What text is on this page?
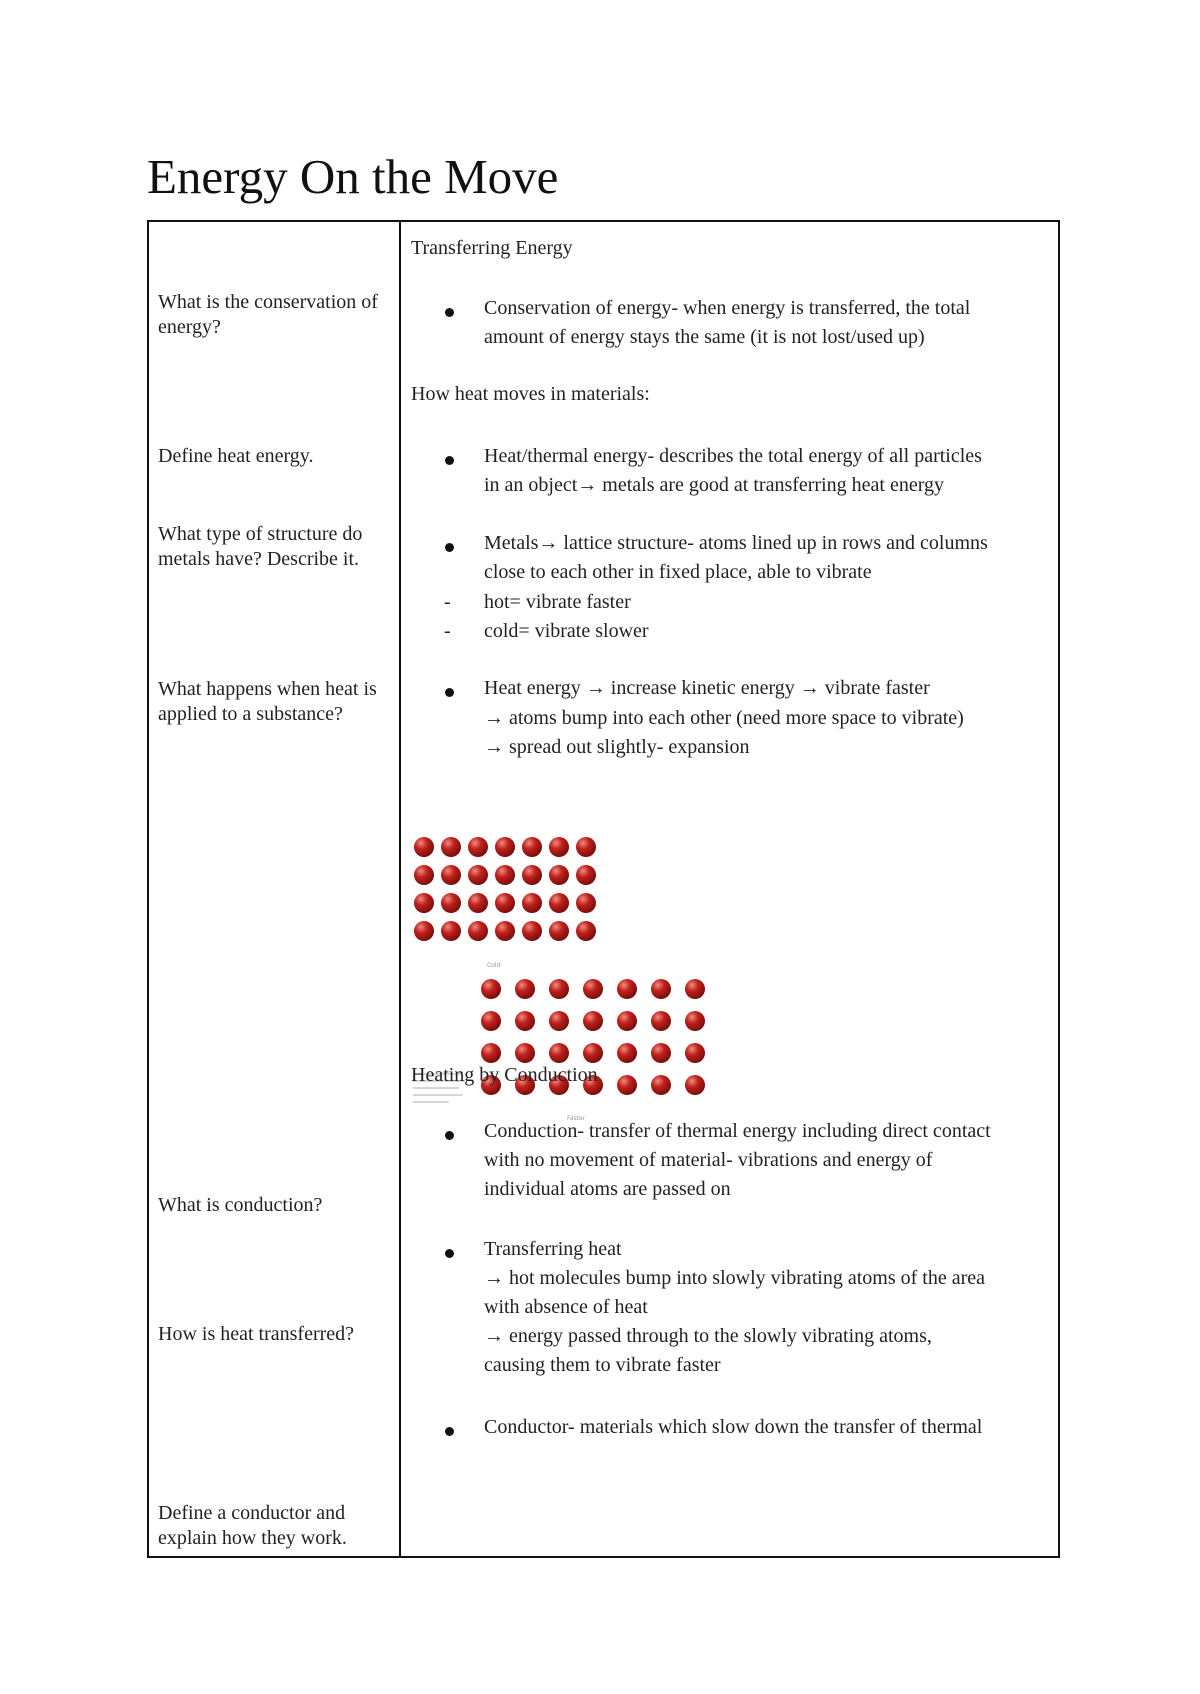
Energy On the Move
What is the conservation of energy?
Define heat energy.
What type of structure do metals have? Describe it.
What happens when heat is applied to a substance?
What is conduction?
How is heat transferred?
Define a conductor and explain how they work.
Transferring Energy
Conservation of energy- when energy is transferred, the total
amount of energy stays the same (it is not lost/used up)
How heat moves in materials:
Heat/thermal energy- describes the total energy of all particles
in an object→ metals are good at transferring heat energy
Metals→ lattice structure- atoms lined up in rows and columns
close to each other in fixed place, able to vibrate
- hot= vibrate faster
- cold= vibrate slower
Heat energy → increase kinetic energy → vibrate faster
→ atoms bump into each other (need more space to vibrate)
→ spread out slightly- expansion
Cold
Faster
Heating by Conduction
Conduction- transfer of thermal energy including direct contact
with no movement of material- vibrations and energy of
individual atoms are passed on
Transferring heat
→ hot molecules bump into slowly vibrating atoms of the area
with absence of heat
→ energy passed through to the slowly vibrating atoms,
causing them to vibrate faster
Conductor- materials which slow down the transfer of thermal
